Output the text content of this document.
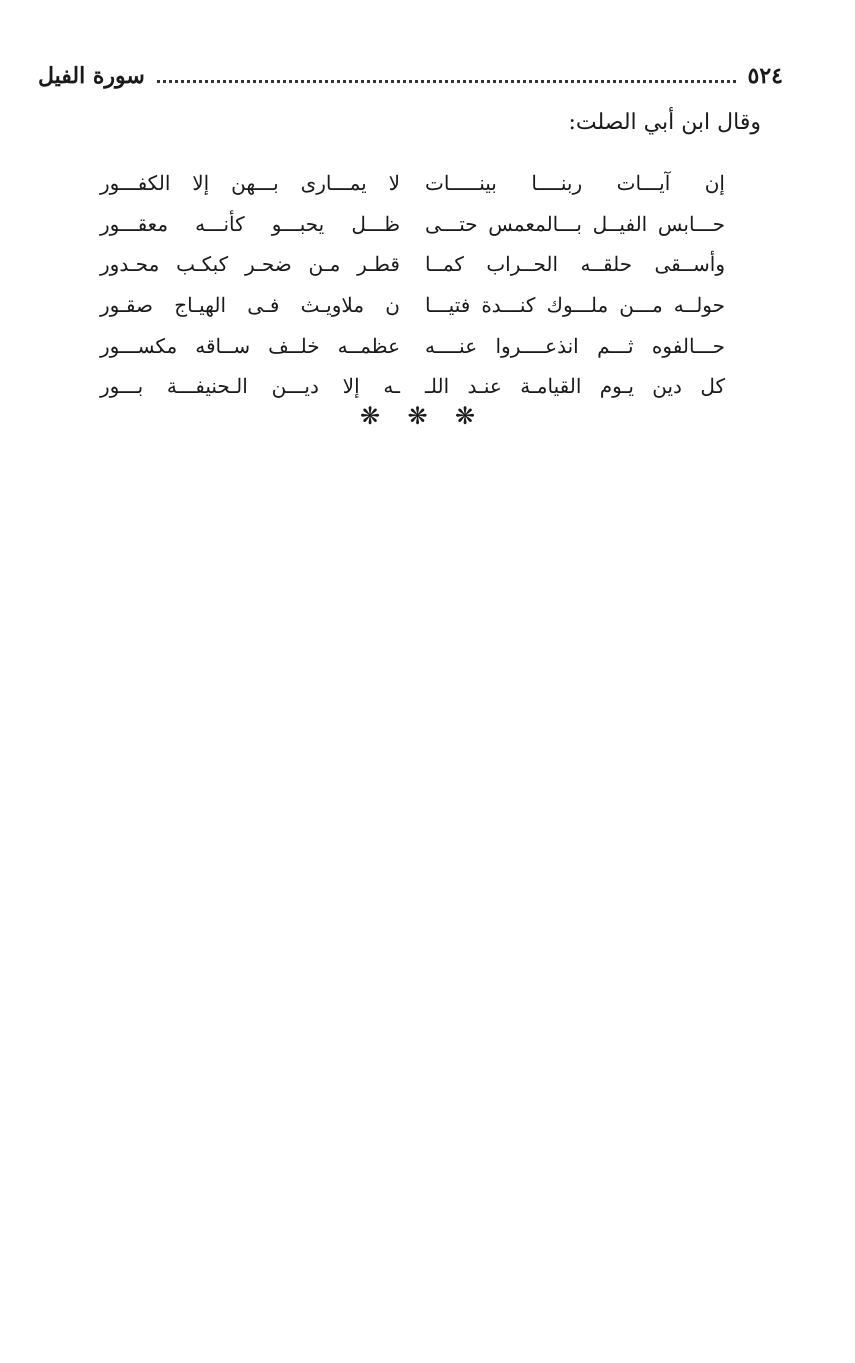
٥٢٤
سورة الفيل
وقال ابن أبي الصلت:
إن آيـــات ربنــــا بينـــــات
لا يمـــارى بـــهن إلا الكفـــور
حـــابس الفيــل بـــالمعمس حتـــى
ظـــل يحبـــو كأنـــه معقـــور
وأســقى حلقــه الحــراب كمــا
قطـر مـن ضحـر كبكـب محـدور
حولــه مـــن ملـــوك كنـــدة فتيـــا
ن ملاويـث فـى الهيـاج صقـور
حـــالفوه ثـــم انذعــــروا عنــــه
عظمــه خلــف ســاقه مكســـور
كل دين يـوم القيامـة عنـد اللـ
ـه إلا ديـــن الـحنيفـــة بـــور
❋ ❋ ❋
